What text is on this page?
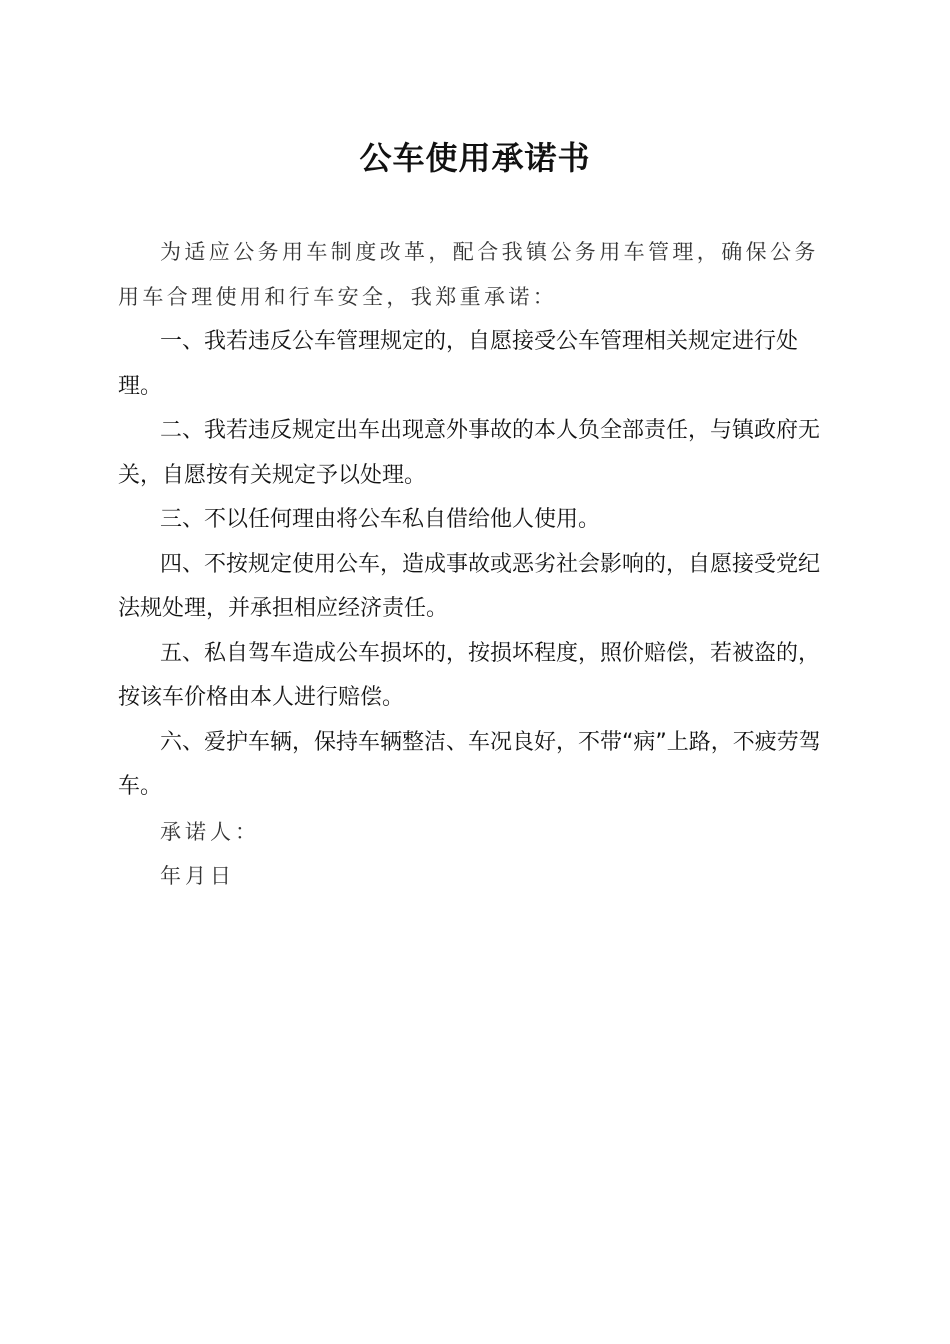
公车使用承诺书
为适应公务用车制度改革，配合我镇公务用车管理，确保公务用车合理使用和行车安全，我郑重承诺：
一、我若违反公车管理规定的，自愿接受公车管理相关规定进行处理。
二、我若违反规定出车出现意外事故的本人负全部责任，与镇政府无关，自愿按有关规定予以处理。
三、不以任何理由将公车私自借给他人使用。
四、不按规定使用公车，造成事故或恶劣社会影响的，自愿接受党纪法规处理，并承担相应经济责任。
五、私自驾车造成公车损坏的，按损坏程度，照价赔偿，若被盗的，按该车价格由本人进行赔偿。
六、爱护车辆，保持车辆整洁、车况良好，不带“病”上路，不疲劳驾车。
承诺人：
年月日
